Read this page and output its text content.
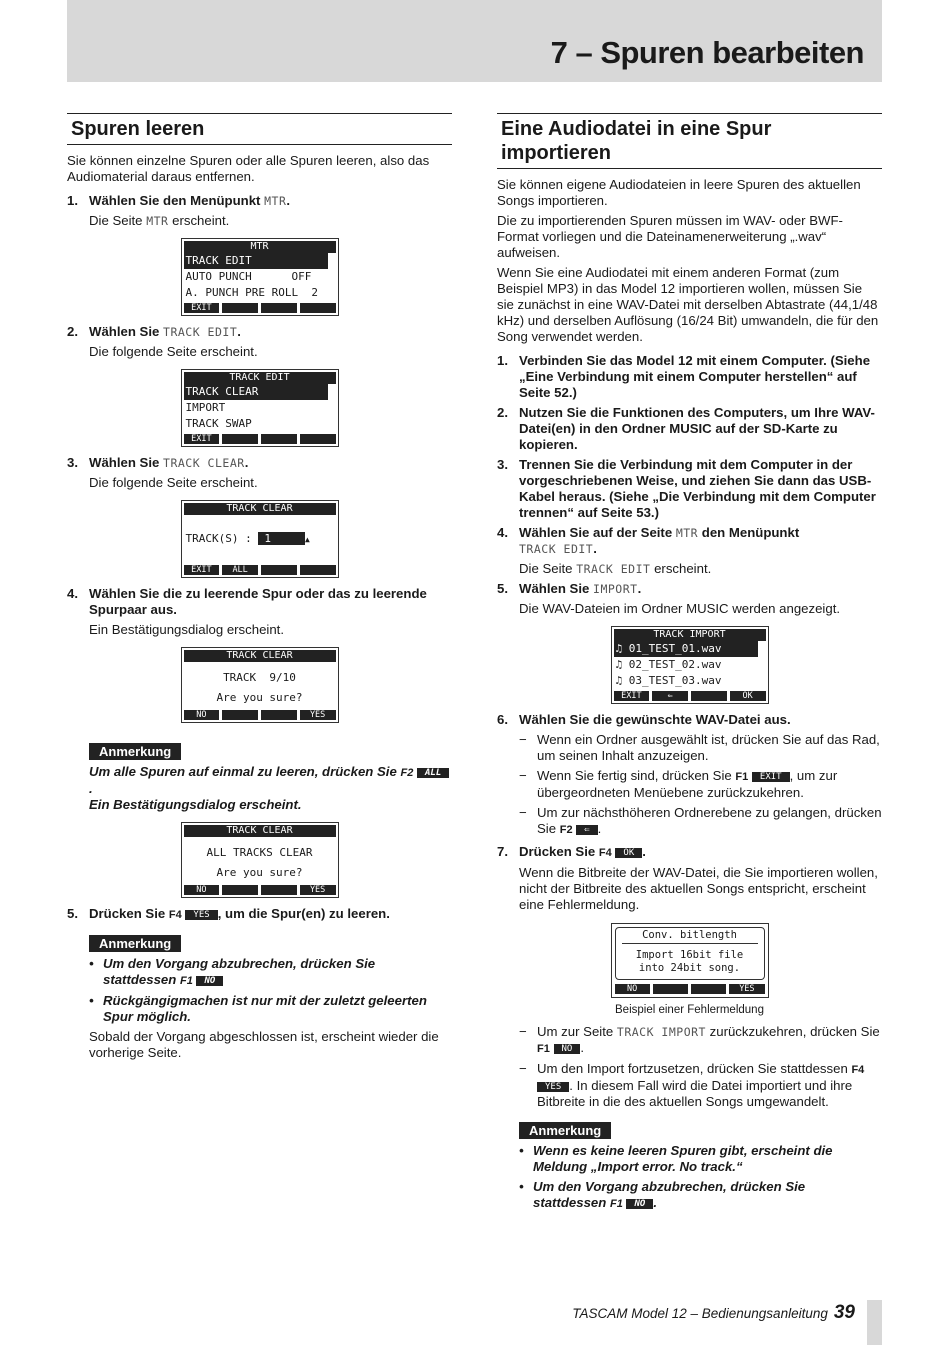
7 – Spuren bearbeiten
Spuren leeren
Sie können einzelne Spuren oder alle Spuren leeren, also das Audiomaterial daraus entfernen.
1. Wählen Sie den Menüpunkt MTR.
Die Seite MTR erscheint.
MTR
TRACK EDIT
AUTO PUNCH      OFF
A. PUNCH PRE ROLL  2
EXIT
2. Wählen Sie TRACK EDIT.
Die folgende Seite erscheint.
TRACK EDIT
TRACK CLEAR
IMPORT
TRACK SWAP
EXIT
3. Wählen Sie TRACK CLEAR.
Die folgende Seite erscheint.
TRACK CLEAR
TRACK(S) : 1	▲
EXIT	ALL
4. Wählen Sie die zu leerende Spur oder das zu leerende Spurpaar aus.
Ein Bestätigungsdialog erscheint.
TRACK CLEAR
TRACK  9/10
Are you sure?
NO	YES
Anmerkung
Um alle Spuren auf einmal zu leeren, drücken Sie F2 ALL.
Ein Bestätigungsdialog erscheint.
TRACK CLEAR
ALL TRACKS CLEAR
Are you sure?
NO	YES
5. Drücken Sie F4 YES , um die Spur(en) zu leeren.
Anmerkung
• Um den Vorgang abzubrechen, drücken Sie stattdessen F1 NO
• Rückgängigmachen ist nur mit der zuletzt geleerten Spur möglich.
Sobald der Vorgang abgeschlossen ist, erscheint wieder die vorherige Seite.
Eine Audiodatei in eine Spur importieren
Sie können eigene Audiodateien in leere Spuren des aktuellen Songs importieren.
Die zu importierenden Spuren müssen im WAV- oder BWF-Format vorliegen und die Dateinamenerweiterung „.wav“ aufweisen.
Wenn Sie eine Audiodatei mit einem anderen Format (zum Beispiel MP3) in das Model 12 importieren wollen, müssen Sie sie zunächst in eine WAV-Datei mit derselben Abtastrate (44,1/48 kHz) und derselben Auflösung (16/24 Bit) umwandeln, die für den Song verwendet werden.
1. Verbinden Sie das Model 12 mit einem Computer. (Siehe „Eine Verbindung mit einem Computer herstellen“ auf Seite 52.)
2. Nutzen Sie die Funktionen des Computers, um Ihre WAV-Datei(en) in den Ordner MUSIC auf der SD-Karte zu kopieren.
3. Trennen Sie die Verbindung mit dem Computer in der vorgeschriebenen Weise, und ziehen Sie dann das USB-Kabel heraus. (Siehe „Die Verbindung mit dem Computer trennen“ auf Seite 53.)
4. Wählen Sie auf der Seite MTR den Menüpunkt
TRACK EDIT.
Die Seite TRACK EDIT erscheint.
5. Wählen Sie IMPORT.
Die WAV-Dateien im Ordner MUSIC werden angezeigt.
TRACK IMPORT
♫ 01_TEST_01.wav
♫ 02_TEST_02.wav
♫ 03_TEST_03.wav
EXIT	⇐	OK
6. Wählen Sie die gewünschte WAV-Datei aus.
− Wenn ein Ordner ausgewählt ist, drücken Sie auf das Rad, um seinen Inhalt anzuzeigen.
− Wenn Sie fertig sind, drücken Sie F1 EXIT , um zur übergeordneten Menüebene zurückzukehren.
− Um zur nächsthöheren Ordnerebene zu gelangen, drücken Sie F2 ⇐ .
7. Drücken Sie F4 OK .
Wenn die Bitbreite der WAV-Datei, die Sie importieren wollen, nicht der Bitbreite des aktuellen Songs entspricht, erscheint eine Fehlermeldung.
Conv. bitlength
Import 16bit file
into 24bit song.
NO	YES
Beispiel einer Fehlermeldung
− Um zur Seite TRACK IMPORT zurückzukehren, drücken Sie F1 NO .
− Um den Import fortzusetzen, drücken Sie stattdessen F4 YES . In diesem Fall wird die Datei importiert und ihre Bitbreite in die des aktuellen Songs umgewandelt.
Anmerkung
• Wenn es keine leeren Spuren gibt, erscheint die Meldung „Import error. No track.“
• Um den Vorgang abzubrechen, drücken Sie stattdessen F1 NO .
TASCAM Model 12 – Bedienungsanleitung 39
